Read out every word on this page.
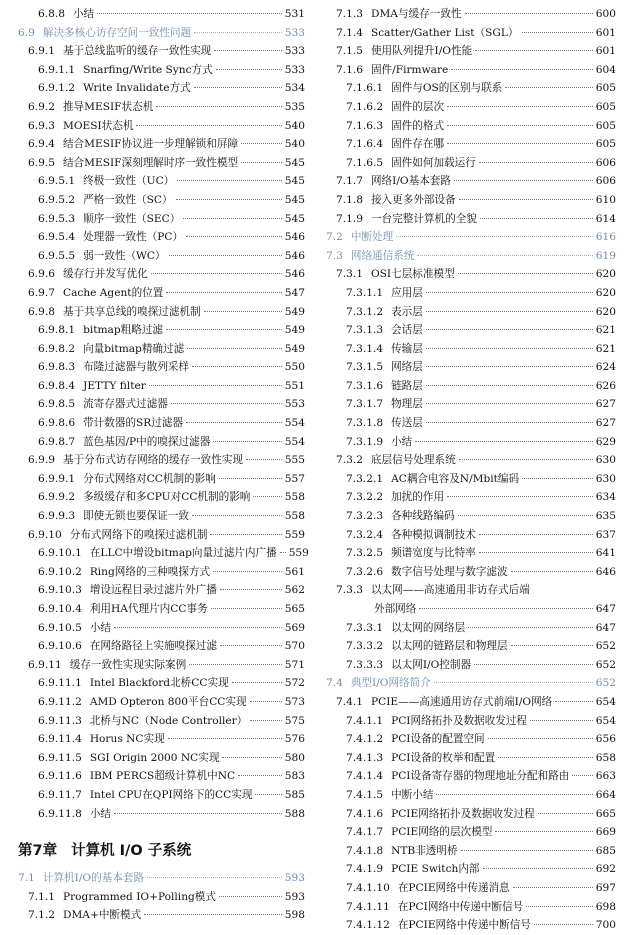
6.8.8 小结	531
6.9 解决多核心访存空间一致性问题	533
6.9.1 基于总线监听的缓存一致性实现	533
6.9.1.1 Snarfing/Write Sync方式	533
6.9.1.2 Write Invalidate方式	534
6.9.2 推导MESIF状态机	535
6.9.3 MOESI状态机	540
6.9.4 结合MESIF协议进一步理解锁和屏障	540
6.9.5 结合MESIF深刻理解时序一致性模型	545
6.9.5.1 终极一致性（UC）	545
6.9.5.2 严格一致性（SC）	545
6.9.5.3 顺序一致性（SEC）	545
6.9.5.4 处理器一致性（PC）	546
6.9.5.5 弱一致性（WC）	546
6.9.6 缓存行并发写优化	546
6.9.7 Cache Agent的位置	547
6.9.8 基于共享总线的嗅探过滤机制	549
6.9.8.1 bitmap粗略过滤	549
6.9.8.2 向量bitmap精确过滤	549
6.9.8.3 布隆过滤器与散列采样	550
6.9.8.4 JETTY filter	551
6.9.8.5 流寄存器式过滤器	553
6.9.8.6 带计数器的SR过滤器	554
6.9.8.7 蓝色基因/P中的嗅探过滤器	554
6.9.9 基于分布式访存网络的缓存一致性实现	555
6.9.9.1 分布式网络对CC机制的影响	557
6.9.9.2 多级缓存和多CPU对CC机制的影响	558
6.9.9.3 即使无锁也要保证一致	558
6.9.10 分布式网络下的嗅探过滤机制	559
6.9.10.1 在LLC中增设bitmap向量过滤片内广播 559
6.9.10.2 Ring网络的三种嗅探方式	561
6.9.10.3 增设远程目录过滤片外广播	562
6.9.10.4 利用HA代理片内CC事务	565
6.9.10.5 小结	569
6.9.10.6 在网络路径上实施嗅探过滤	570
6.9.11 缓存一致性实现实际案例	571
6.9.11.1 Intel Blackford北桥CC实现	572
6.9.11.2 AMD Opteron 800平台CC实现	573
6.9.11.3 北桥与NC（Node Controller）	575
6.9.11.4 Horus NC实现	576
6.9.11.5 SGI Origin 2000 NC实现	580
6.9.11.6 IBM PERCS超级计算机中NC	583
6.9.11.7 Intel CPU在QPI网络下的CC实现	585
6.9.11.8 小结	588
第7章 计算机 I/O 子系统
7.1 计算机I/O的基本套路	593
7.1.1 Programmed IO+Polling模式	593
7.1.2 DMA+中断模式	598
7.1.3 DMA与缓存一致性	600
7.1.4 Scatter/Gather List（SGL）	601
7.1.5 使用队列提升I/O性能	601
7.1.6 固件/Firmware	604
7.1.6.1 固件与OS的区别与联系	605
7.1.6.2 固件的层次	605
7.1.6.3 固件的格式	605
7.1.6.4 固件存在哪	605
7.1.6.5 固件如何加载运行	606
7.1.7 网络I/O基本套路	606
7.1.8 接入更多外部设备	610
7.1.9 一台完整计算机的全貌	614
7.2 中断处理	616
7.3 网络通信系统	619
7.3.1 OSI七层标准模型	620
7.3.1.1 应用层	620
7.3.1.2 表示层	620
7.3.1.3 会话层	621
7.3.1.4 传输层	621
7.3.1.5 网络层	624
7.3.1.6 链路层	626
7.3.1.7 物理层	627
7.3.1.8 传送层	627
7.3.1.9 小结	629
7.3.2 底层信号处理系统	630
7.3.2.1 AC耦合电容及N/Mbit编码	630
7.3.2.2 加扰的作用	634
7.3.2.3 各种线路编码	635
7.3.2.4 各种模拟调制技术	637
7.3.2.5 频谱宽度与比特率	641
7.3.2.6 数字信号处理与数字滤波	646
7.3.3 以太网——高速通用非访存式后端
外部网络	647
7.3.3.1 以太网的网络层	647
7.3.3.2 以太网的链路层和物理层	652
7.3.3.3 以太网I/O控制器	652
7.4 典型I/O网络简介	652
7.4.1 PCIE——高速通用访存式前端I/O网络	654
7.4.1.1 PCI网络拓扑及数据收发过程	654
7.4.1.2 PCI设备的配置空间	656
7.4.1.3 PCI设备的枚举和配置	658
7.4.1.4 PCI设备寄存器的物理地址分配和路由 663
7.4.1.5 中断小结	664
7.4.1.6 PCIE网络拓扑及数据收发过程	665
7.4.1.7 PCIE网络的层次模型	669
7.4.1.8 NTB非透明桥	685
7.4.1.9 PCIE Switch内部	692
7.4.1.10 在PCIE网络中传递消息	697
7.4.1.11 在PCI网络中传递中断信号	698
7.4.1.12 在PCIE网络中传递中断信号	700
